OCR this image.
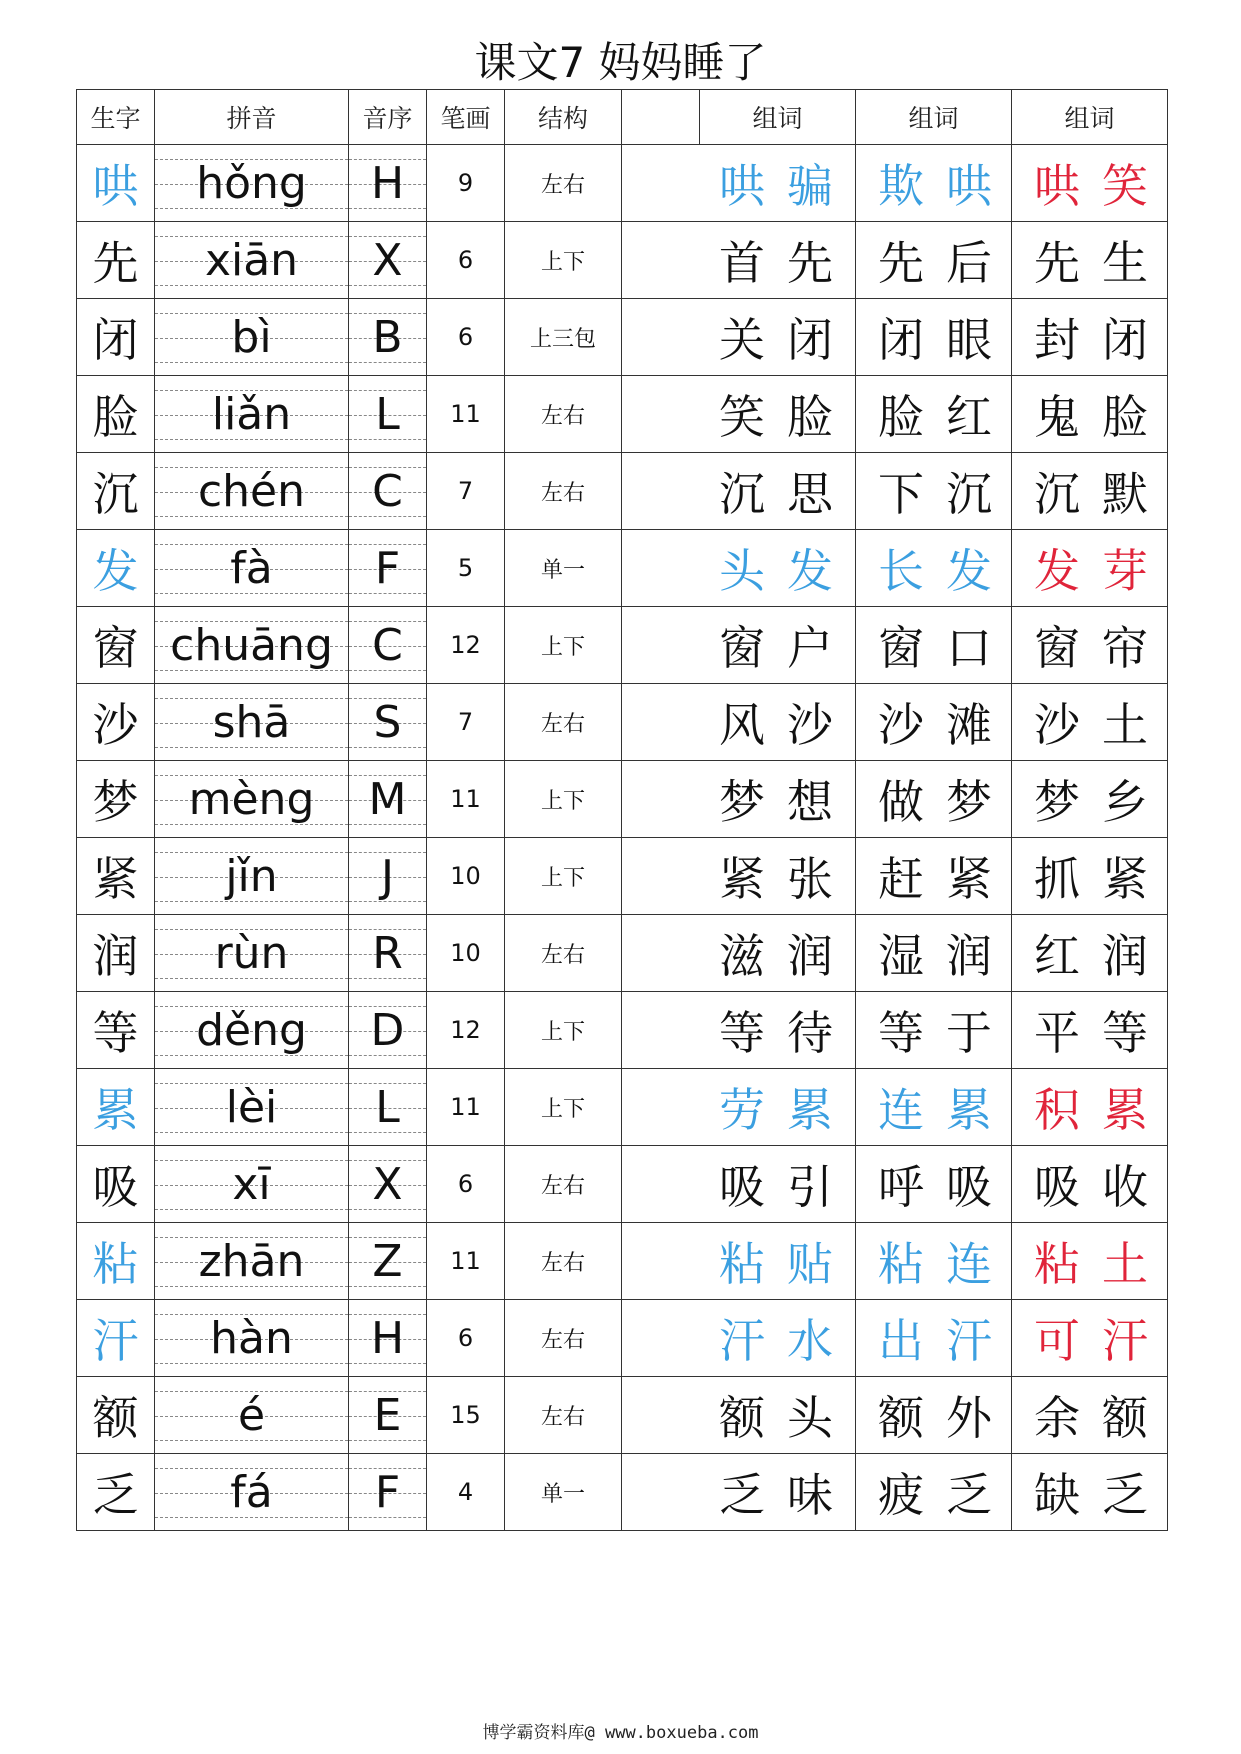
课文7 妈妈睡了
生字	拼音	音序	笔画	结构		组词	组词	组词
哄	hǒng	H	9	左右	哄骗		欺哄	哄笑
先	xiān	X	6	上下	首先		先后	先生
闭	bì	B	6	上三包	关闭		闭眼	封闭
脸	liǎn	L	11	左右	笑脸		脸红	鬼脸
沉	chén	C	7	左右	沉思		下沉	沉默
发	fà	F	5	单一	头发		长发	发芽
窗	chuāng	C	12	上下	窗户		窗口	窗帘
沙	shā	S	7	左右	风沙		沙滩	沙土
梦	mèng	M	11	上下	梦想		做梦	梦乡
紧	jǐn	J	10	上下	紧张		赶紧	抓紧
润	rùn	R	10	左右	滋润		湿润	红润
等	děng	D	12	上下	等待		等于	平等
累	lèi	L	11	上下	劳累		连累	积累
吸	xī	X	6	左右	吸引		呼吸	吸收
粘	zhān	Z	11	左右	粘贴		粘连	粘土
汗	hàn	H	6	左右	汗水		出汗	可汗
额	é	E	15	左右	额头		额外	余额
乏	fá	F	4	单一	乏味		疲乏	缺乏
博学霸资料库@ www.boxueba.com
